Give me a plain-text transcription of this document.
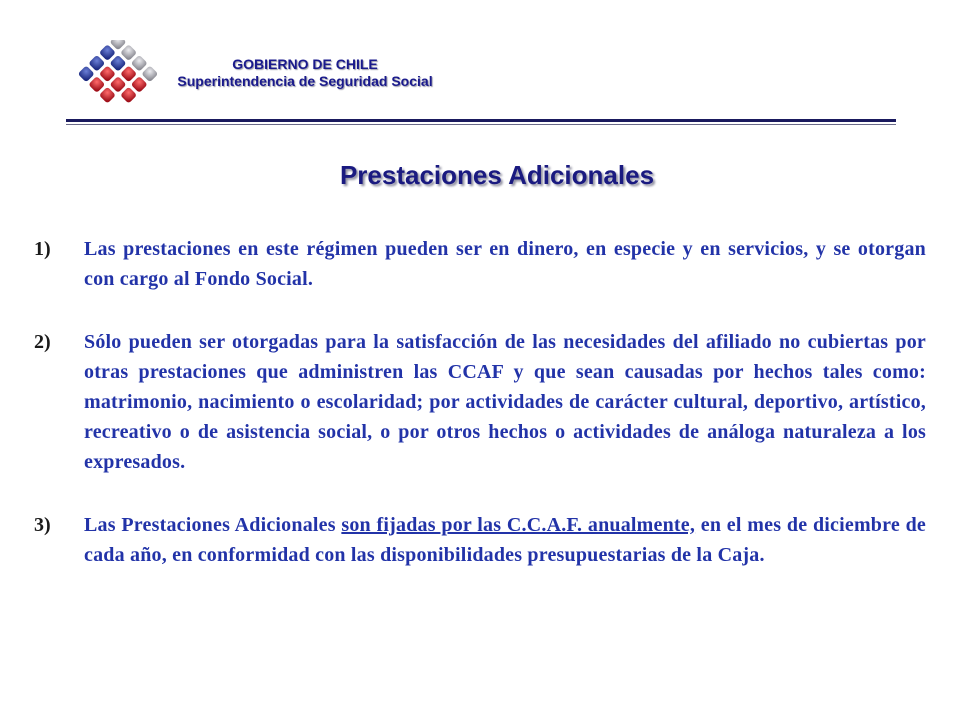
GOBIERNO DE CHILE
Superintendencia de Seguridad Social
Prestaciones Adicionales
1)	Las prestaciones en este régimen pueden ser en dinero, en especie y en servicios, y se otorgan con cargo al Fondo Social.
2)	Sólo pueden ser otorgadas para la satisfacción de las necesidades del afiliado no cubiertas por otras prestaciones que administren las CCAF y que sean causadas por hechos tales como: matrimonio, nacimiento o escolaridad; por actividades de carácter cultural, deportivo, artístico, recreativo o de asistencia social, o por otros hechos o actividades de análoga naturaleza a los expresados.
3)	Las Prestaciones Adicionales son fijadas por las C.C.A.F. anualmente, en el mes de diciembre de cada año, en conformidad con las disponibilidades presupuestarias de la Caja.
